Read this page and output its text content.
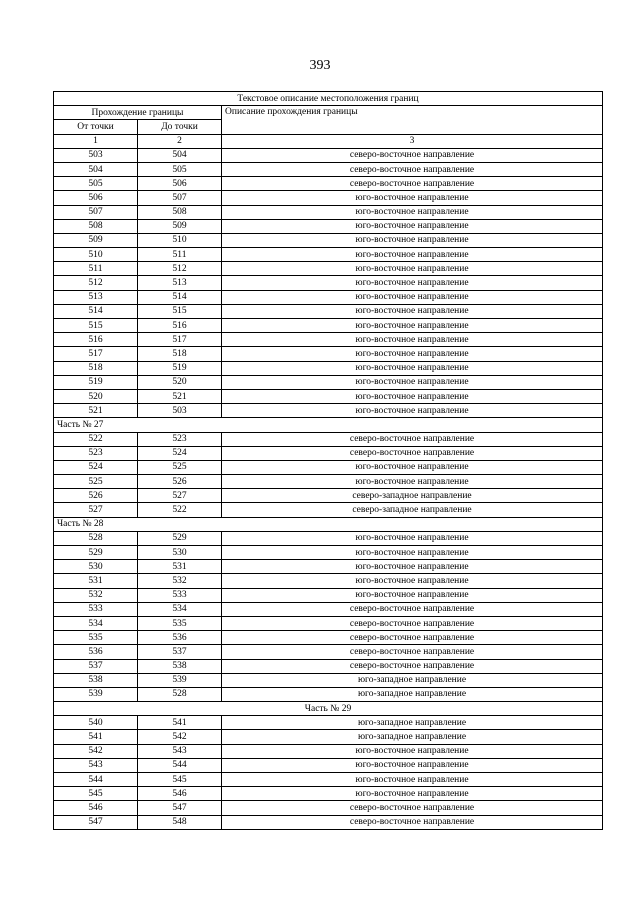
393
Текстовое описание местоположения границ		
Прохождение границы		Описание прохождения границы
От точки	До точки	
1	2	3
503	504	северо-восточное направление
504	505	северо-восточное направление
505	506	северо-восточное направление
506	507	юго-восточное направление
507	508	юго-восточное направление
508	509	юго-восточное направление
509	510	юго-восточное направление
510	511	юго-восточное направление
511	512	юго-восточное направление
512	513	юго-восточное направление
513	514	юго-восточное направление
514	515	юго-восточное направление
515	516	юго-восточное направление
516	517	юго-восточное направление
517	518	юго-восточное направление
518	519	юго-восточное направление
519	520	юго-восточное направление
520	521	юго-восточное направление
521	503	юго-восточное направление
Часть № 27		
522	523	северо-восточное направление
523	524	северо-восточное направление
524	525	юго-восточное направление
525	526	юго-восточное направление
526	527	северо-западное направление
527	522	северо-западное направление
Часть № 28		
528	529	юго-восточное направление
529	530	юго-восточное направление
530	531	юго-восточное направление
531	532	юго-восточное направление
532	533	юго-восточное направление
533	534	северо-восточное направление
534	535	северо-восточное направление
535	536	северо-восточное направление
536	537	северо-восточное направление
537	538	северо-восточное направление
538	539	юго-западное направление
539	528	юго-западное направление
Часть № 29		
540	541	юго-западное направление
541	542	юго-западное направление
542	543	юго-восточное направление
543	544	юго-восточное направление
544	545	юго-восточное направление
545	546	юго-восточное направление
546	547	северо-восточное направление
547	548	северо-восточное направление
